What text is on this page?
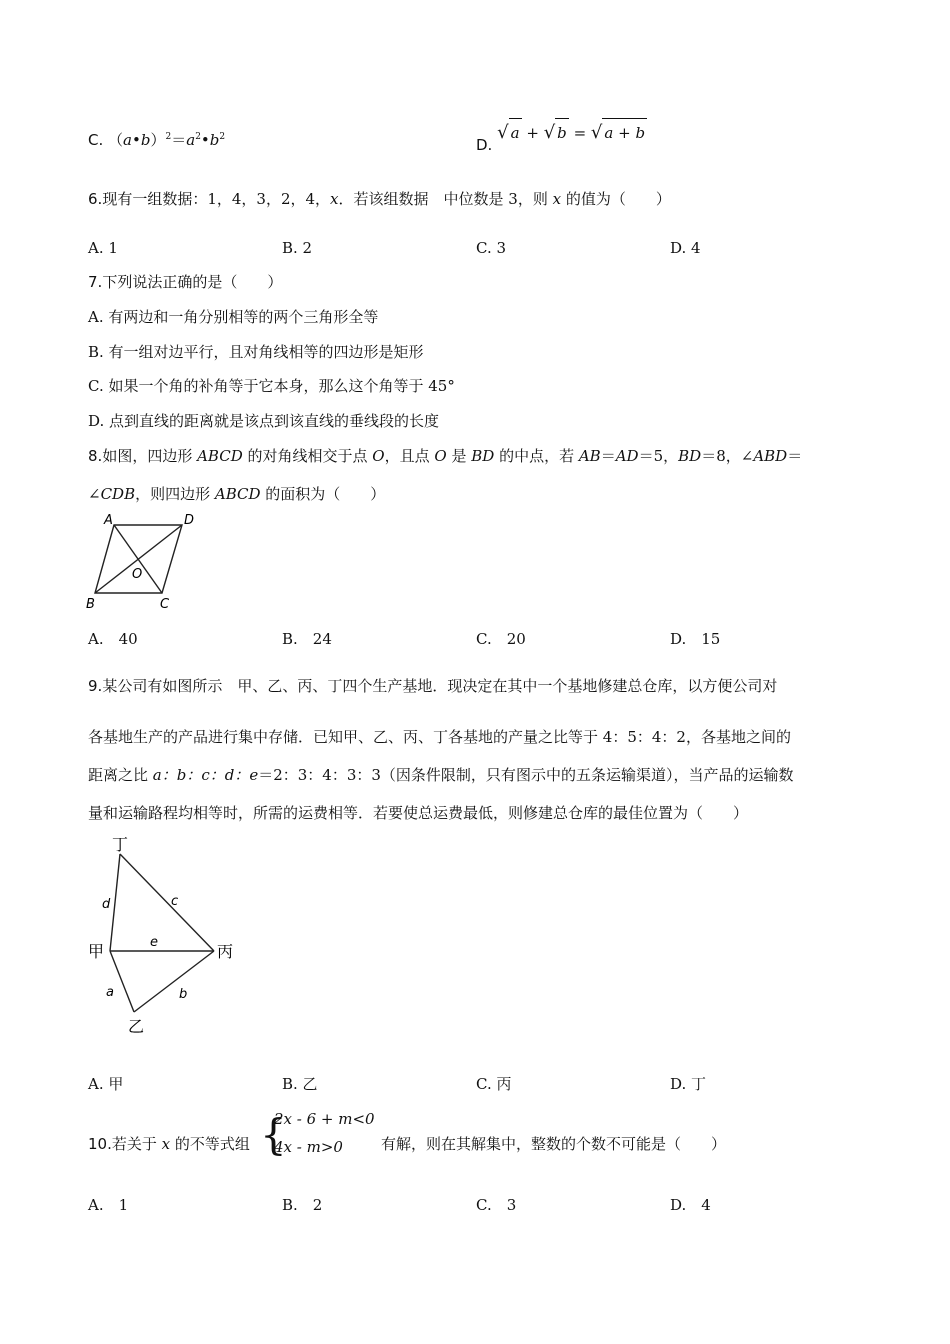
C. $(a•b)^2=a^2•b^2$	D. √ a + √ b = √ a + b
6.现有一组数据：1，4，3，2，4，x．若该组数据　中位数是 3，则 x 的值为（　　）
A. 1	B. 2	C. 3	D. 4
7.下列说法正确的是（　　）
A. 有两边和一角分别相等的两个三角形全等
B. 有一组对边平行，且对角线相等的四边形是矩形
C. 如果一个角的补角等于它本身，那么这个角等于 45°
D. 点到直线的距离就是该点到该直线的垂线段的长度
8.如图，四边形 ABCD 的对角线相交于点 O，且点 O 是 BD 的中点，若 AB＝AD＝5，BD＝8，∠ABD＝
∠CDB，则四边形 ABCD 的面积为（　　）
A	D
B	C
O
A.　40	B.　24	C.　20	D.　15
9.某公司有如图所示　甲、乙、丙、丁四个生产基地．现决定在其中一个基地修建总仓库，以方便公司对
各基地生产的产品进行集中存储．已知甲、乙、丙、丁各基地的产量之比等于 4：5：4：2，各基地之间的
距离之比 a：b：c：d：e＝2：3：4：3：3（因条件限制，只有图示中的五条运输渠道），当产品的运输数
量和运输路程均相等时，所需的运费相等．若要使总运费最低，则修建总仓库的最佳位置为（　　）
丁
甲	丙
乙
d	c
e
a	b
A. 甲	B. 乙	C. 丙	D. 丁
10.若关于 x 的不等式组 {
2x - 6 + m<0
4x - m>0	有解，则在其解集中，整数的个数不可能是（　　）
A.　1	B.　2	C.　3	D.　4
